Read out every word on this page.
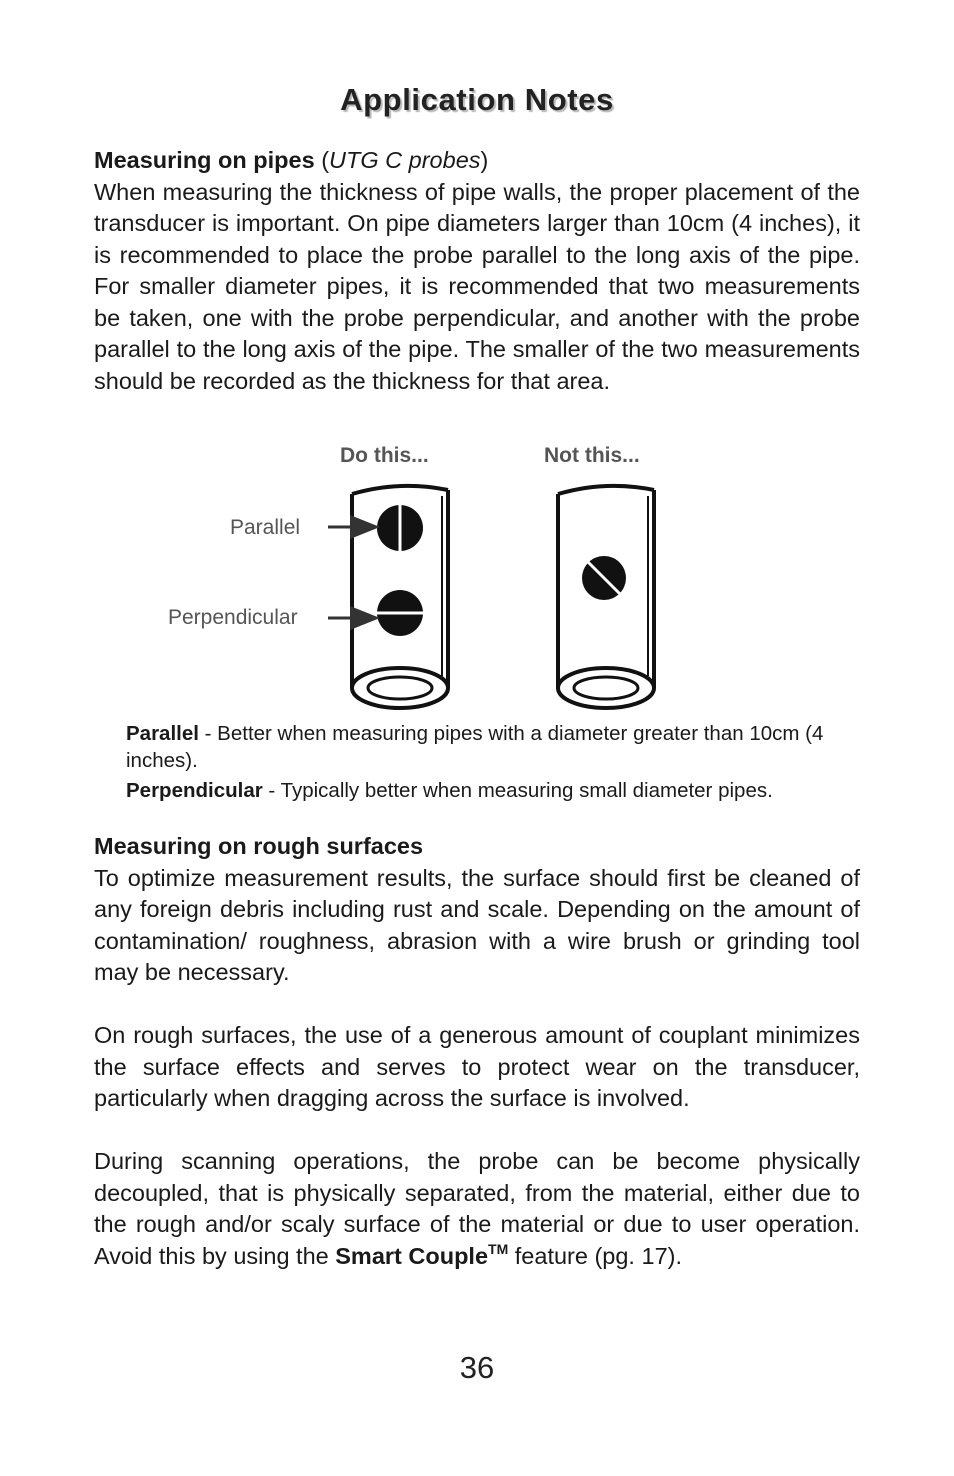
Application Notes

Measuring on pipes (UTG C probes)

When measuring the thickness of pipe walls, the proper placement of the transducer is important. On pipe diameters larger than 10cm (4 inches), it is recommended to place the probe parallel to the long axis of the pipe. For smaller diameter pipes, it is recommended that two measurements be taken, one with the probe perpendicular, and another with the probe parallel to the long axis of the pipe. The smaller of the two measurements should be recorded as the thickness for that area.

Do this...	Not this...
Parallel
Perpendicular

Parallel - Better when measuring pipes with a diameter greater than 10cm (4 inches).

Perpendicular - Typically better when measuring small diameter pipes.

Measuring on rough surfaces

To optimize measurement results, the surface should first be cleaned of any foreign debris including rust and scale. Depending on the amount of contamination/ roughness, abrasion with a wire brush or grinding tool may be necessary.

On rough surfaces, the use of a generous amount of couplant minimizes the surface effects and serves to protect wear on the transducer, particularly when dragging across the surface is involved.

During scanning operations, the probe can be become physically decoupled, that is physically separated, from the material, either due to the rough and/or scaly surface of the material or due to user operation. Avoid this by using the Smart Couple™ feature (pg. 17).

36
